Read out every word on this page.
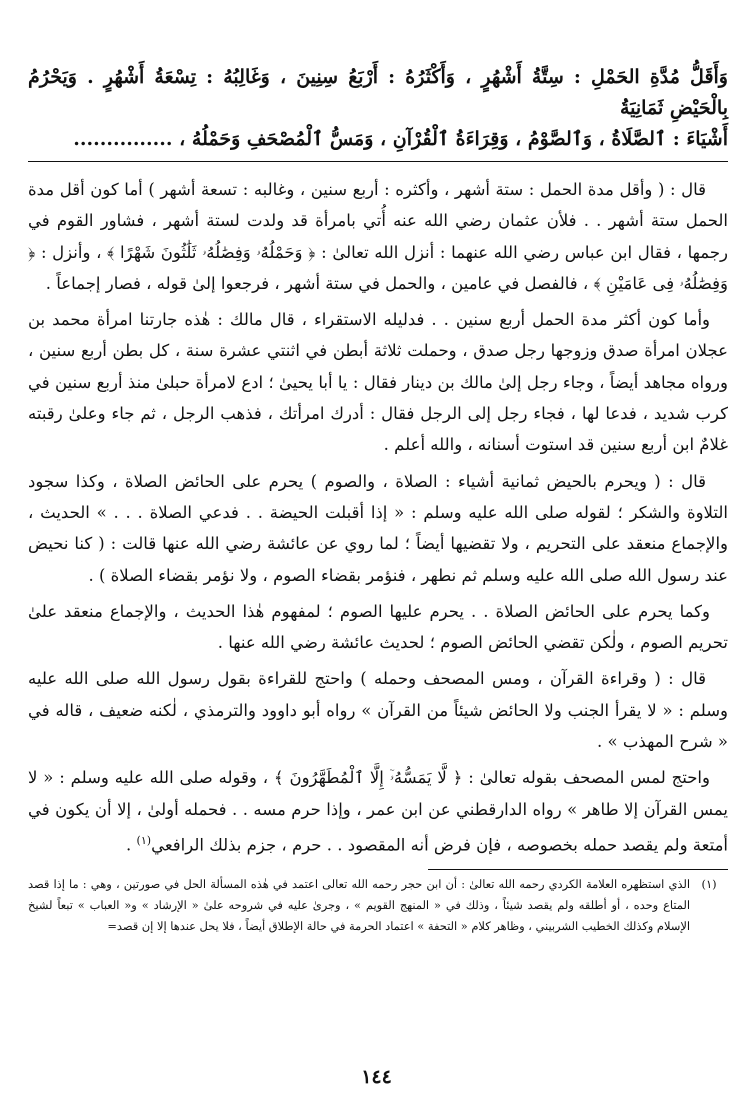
وَأَقَلُّ مُدَّةِ الحَمْلِ : سِتَّةُ أَشْهُرٍ ، وَأَكْثَرُهُ : أَرْبَعُ سِنِينَ ، وَغَالِبُهُ : تِسْعَةُ أَشْهُرٍ . وَيَحْرُمُ بِالْحَيْضِ ثَمَانِيَةُ

أَشْيَاءَ : ٱلصَّلَاةُ ، وَٱلصَّوْمُ ، وَقِرَاءَةُ ٱلْقُرْآنِ ، وَمَسُّ ٱلْمُصْحَفِ وَحَمْلُهُ ، ...............

قال : ( وأقل مدة الحمل : ستة أشهر ، وأكثره : أربع سنين ، وغالبه : تسعة أشهر ) أما كون أقل مدة الحمل ستة أشهر . . فلأن عثمان رضي الله عنه أُتي بامرأة قد ولدت لستة أشهر ، فشاور القوم في رجمها ، فقال ابن عباس رضي الله عنهما : أنزل الله تعالىٰ : ﴿ وَحَمْلُهُۥ وَفِصَٰلُهُۥ ثَلَٰثُونَ شَهْرًا ﴾ ، وأنزل : ﴿ وَفِصَٰلُهُۥ فِى عَامَيْنِ ﴾ ، فالفصل في عامين ، والحمل في ستة أشهر ، فرجعوا إلىٰ قوله ، فصار إجماعاً .

وأما كون أكثر مدة الحمل أربع سنين . . فدليله الاستقراء ، قال مالك : هٰذه جارتنا امرأة محمد بن عجلان امرأة صدق وزوجها رجل صدق ، وحملت ثلاثة أبطن في اثنتي عشرة سنة ، كل بطن أربع سنين ، ورواه مجاهد أيضاً ، وجاء رجل إلىٰ مالك بن دينار فقال : يا أبا يحيىٰ ؛ ادع لامرأة حبلىٰ منذ أربع سنين في كرب شديد ، فدعا لها ، فجاء رجل إلى الرجل فقال : أدرك امرأتك ، فذهب الرجل ، ثم جاء وعلىٰ رقبته غلامٌ ابن أربع سنين قد استوت أسنانه ، والله أعلم .

قال : ( ويحرم بالحيض ثمانية أشياء : الصلاة ، والصوم ) يحرم على الحائض الصلاة ، وكذا سجود التلاوة والشكر ؛ لقوله صلى الله عليه وسلم : « إذا أقبلت الحيضة . . فدعي الصلاة . . . » الحديث ، والإجماع منعقد على التحريم ، ولا تقضيها أيضاً ؛ لما روي عن عائشة رضي الله عنها قالت : ( كنا نحيض عند رسول الله صلى الله عليه وسلم ثم نطهر ، فنؤمر بقضاء الصوم ، ولا نؤمر بقضاء الصلاة ) .

وكما يحرم على الحائض الصلاة . . يحرم عليها الصوم ؛ لمفهوم هٰذا الحديث ، والإجماع منعقد علىٰ تحريم الصوم ، ولٰكن تقضي الحائض الصوم ؛ لحديث عائشة رضي الله عنها .

قال : ( وقراءة القرآن ، ومس المصحف وحمله ) واحتج للقراءة بقول رسول الله صلى الله عليه وسلم : « لا يقرأ الجنب ولا الحائض شيئاً من القرآن » رواه أبو داوود والترمذي ، لٰكنه ضعيف ، قاله في « شرح المهذب » .

واحتج لمس المصحف بقوله تعالىٰ : ﴿ لَّا يَمَسُّهُۥٓ إِلَّا ٱلْمُطَهَّرُونَ ﴾ ، وقوله صلى الله عليه وسلم : « لا يمس القرآن إلا طاهر » رواه الدارقطني عن ابن عمر ، وإذا حرم مسه . . فحمله أولىٰ ، إلا أن يكون في أمتعة ولم يقصد حمله بخصوصه ، فإن فرض أنه المقصود . . حرم ، جزم بذلك الرافعي$^{(١)}$ .

(١)
الذي استظهره العلامة الكردي رحمه الله تعالىٰ : أن ابن حجر رحمه الله تعالى اعتمد في هٰذه المسألة الحل في صورتين ، وهي : ما إذا قصد المتاع وحده ، أو أطلقه ولم يقصد شيئاً ، وذلك في « المنهج القويم » ، وجرىٰ عليه في شروحه علىٰ « الإرشاد » و« العباب » تبعاً لشيخ الإسلام وكذلك الخطيب الشربيني ، وظاهر كلام « التحفة » اعتماد الحرمة في حالة الإطلاق أيضاً ، فلا يحل عندها إلا إن قصد=
١٤٤
